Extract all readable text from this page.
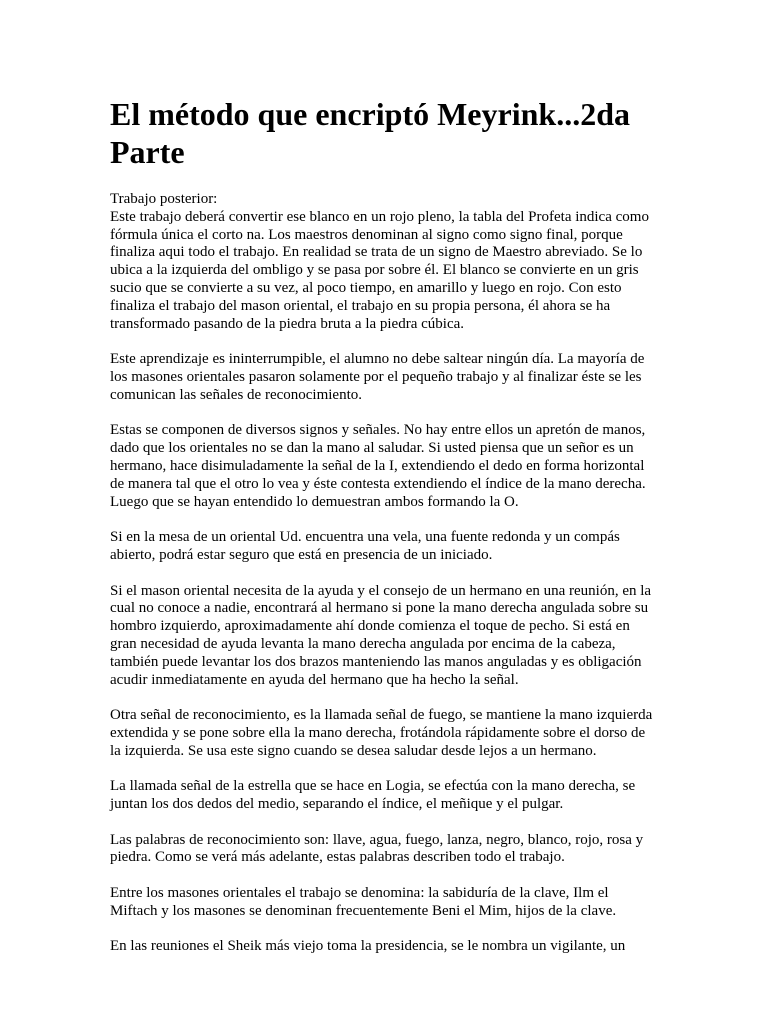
El método que encriptó Meyrink...2da Parte
Trabajo posterior:
Este trabajo deberá convertir ese blanco en un rojo pleno, la tabla del Profeta indica como fórmula única el corto na. Los maestros denominan al signo como signo final, porque finaliza aqui todo el trabajo. En realidad se trata de un signo de Maestro abreviado. Se lo ubica a la izquierda del ombligo y se pasa por sobre él. El blanco se convierte en un gris sucio que se convierte a su vez, al poco tiempo, en amarillo y luego en rojo. Con esto finaliza el trabajo del mason oriental, el trabajo en su propia persona, él ahora se ha transformado pasando de la piedra bruta a la piedra cúbica.
Este aprendizaje es ininterrumpible, el alumno no debe saltear ningún día. La mayoría de los masones orientales pasaron solamente por el pequeño trabajo y al finalizar éste se les comunican las señales de reconocimiento.
Estas se componen de diversos signos y señales. No hay entre ellos un apretón de manos, dado que los orientales no se dan la mano al saludar. Si usted piensa que un señor es un hermano, hace disimuladamente la señal de la I, extendiendo el dedo en forma horizontal de manera tal que el otro lo vea y éste contesta extendiendo el índice de la mano derecha. Luego que se hayan entendido lo demuestran ambos formando la O.
Si en la mesa de un oriental Ud. encuentra una vela, una fuente redonda y un compás abierto, podrá estar seguro que está en presencia de un iniciado.
Si el mason oriental necesita de la ayuda y el consejo de un hermano en una reunión, en la cual no conoce a nadie, encontrará al hermano si pone la mano derecha angulada sobre su hombro izquierdo, aproximadamente ahí donde comienza el toque de pecho. Si está en gran necesidad de ayuda levanta la mano derecha angulada por encima de la cabeza, también puede levantar los dos brazos manteniendo las manos anguladas y es obligación acudir inmediatamente en ayuda del hermano que ha hecho la señal.
Otra señal de reconocimiento, es la llamada señal de fuego, se mantiene la mano izquierda extendida y se pone sobre ella la mano derecha, frotándola rápidamente sobre el dorso de la izquierda. Se usa este signo cuando se desea saludar desde lejos a un hermano.
La llamada señal de la estrella que se hace en Logia, se efectúa con la mano derecha, se juntan los dos dedos del medio, separando el índice, el meñique y el pulgar.
Las palabras de reconocimiento son: llave, agua, fuego, lanza, negro, blanco, rojo, rosa y piedra. Como se verá más adelante, estas palabras describen todo el trabajo.
Entre los masones orientales el trabajo se denomina: la sabiduría de la clave, Ilm el Miftach y los masones se denominan frecuentemente Beni el Mim, hijos de la clave.
En las reuniones el Sheik más viejo toma la presidencia, se le nombra un vigilante, un
